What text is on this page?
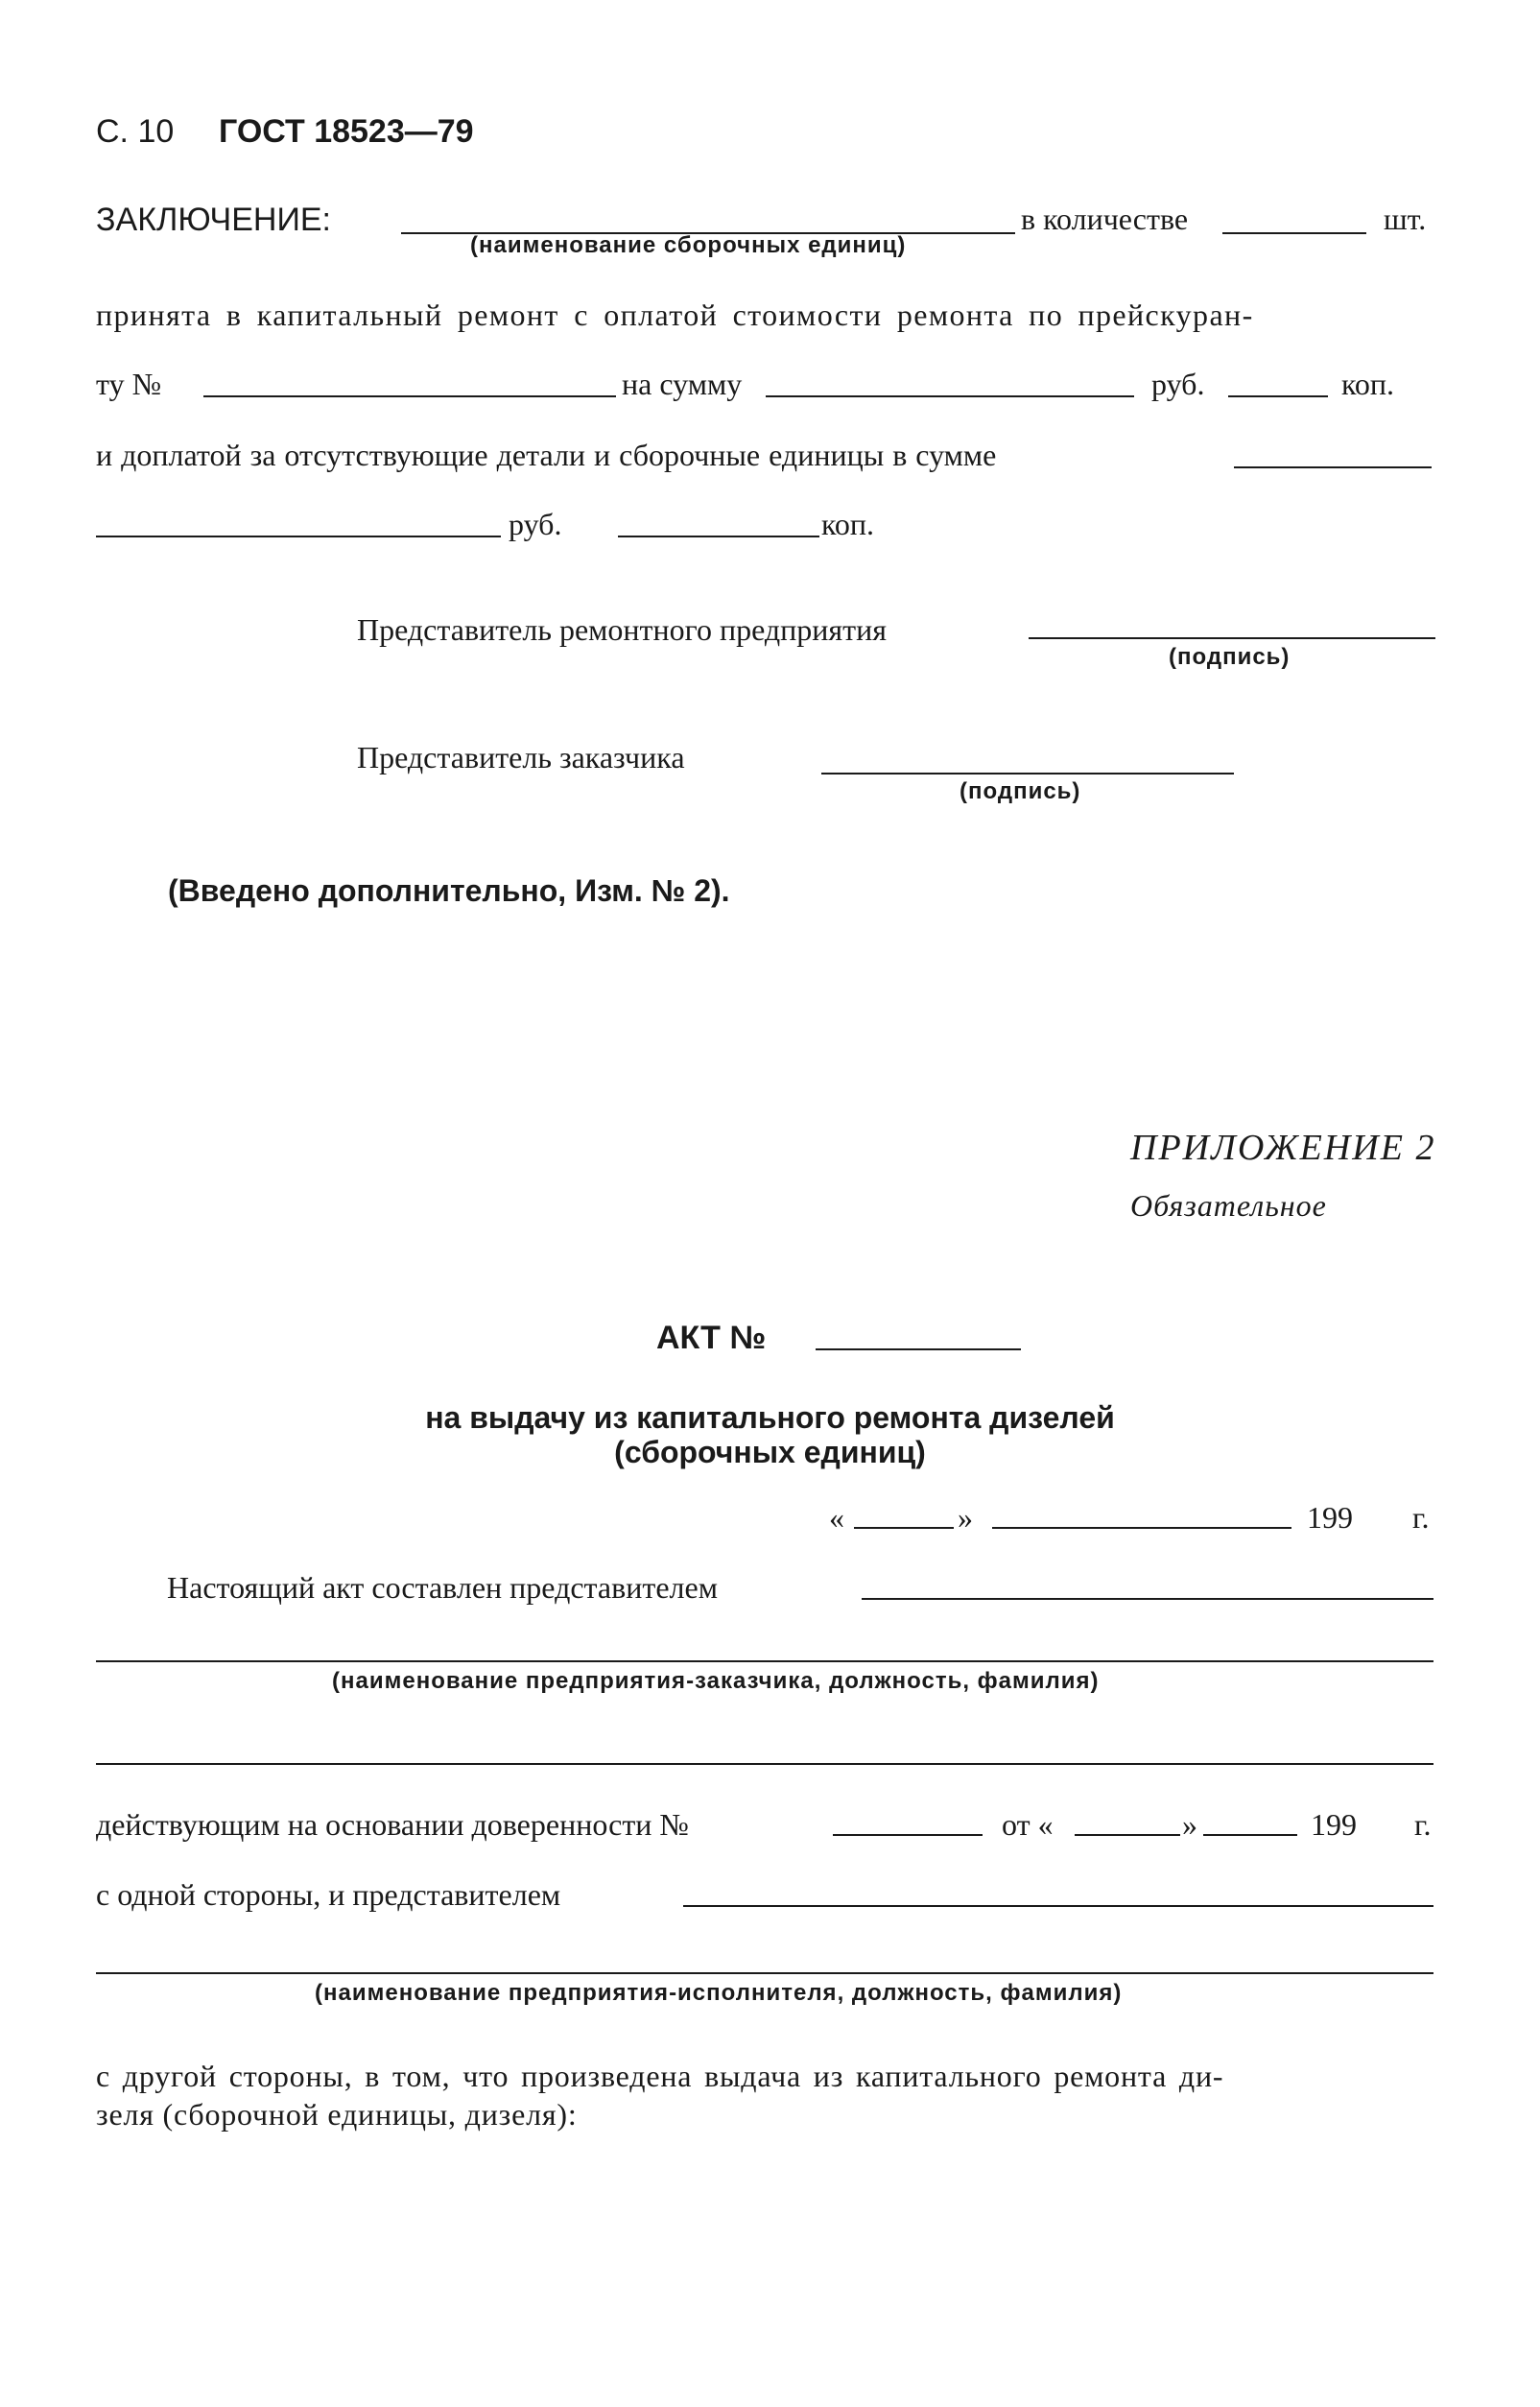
С. 10 ГОСТ 18523—79
ЗАКЛЮЧЕНИЕ:	в количестве	шт.
(наименование сборочных единиц)
принята в капитальный ремонт с оплатой стоимости ремонта по прейскуран-
ту №	на сумму	руб.	коп.
и доплатой за отсутствующие детали и сборочные единицы в сумме
руб.	коп.
Представитель ремонтного предприятия
(подпись)
Представитель заказчика
(подпись)
(Введено дополнительно, Изм. № 2).
ПРИЛОЖЕНИЕ 2
Обязательное
АКТ №
на выдачу из капитального ремонта дизелей
(сборочных единиц)
«	»	199 г.
Настоящий акт составлен представителем
(наименование предприятия-заказчика, должность, фамилия)
действующим на основании доверенности №	от «	»	199 г.
с одной стороны, и представителем
(наименование предприятия-исполнителя, должность, фамилия)
с другой стороны, в том, что произведена выдача из капитального ремонта ди-
зеля (сборочной единицы, дизеля):
